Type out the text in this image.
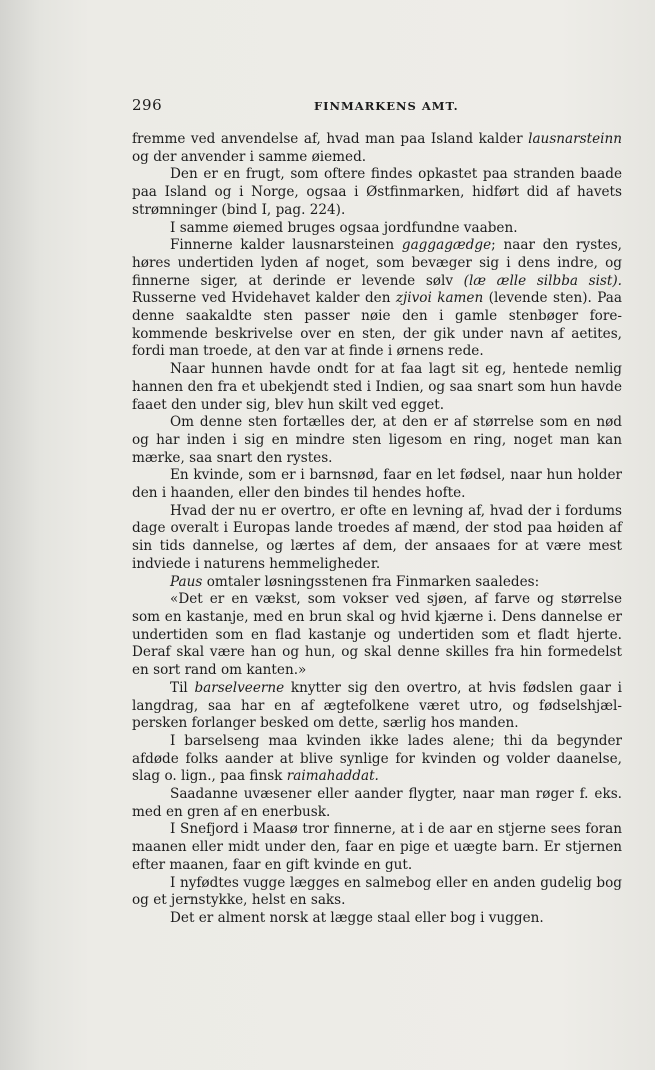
296	FINMARKENS AMT.

fremme ved anvendelse af, hvad man paa Island kalder lausnarsteinn og der anvender i samme øiemed.

Den er en frugt, som oftere findes opkastet paa stranden baade paa Island og i Norge, ogsaa i Østfinmarken, hidført did af havets strømninger (bind I, pag. 224).

I samme øiemed bruges ogsaa jordfundne vaaben.

Finnerne kalder lausnarsteinen gaggagædge; naar den rystes, høres undertiden lyden af noget, som bevæger sig i dens indre, og finnerne siger, at derinde er levende sølv (læ ælle silbba sist). Russerne ved Hvidehavet kalder den zjivoi kamen (levende sten). Paa denne saakaldte sten passer nøie den i gamle stenbøger forekommende beskrivelse over en sten, der gik under navn af aetites, fordi man troede, at den var at finde i ørnens rede.

Naar hunnen havde ondt for at faa lagt sit eg, hentede nemlig hannen den fra et ubekjendt sted i Indien, og saa snart som hun havde faaet den under sig, blev hun skilt ved egget.

Om denne sten fortælles der, at den er af størrelse som en nød og har inden i sig en mindre sten ligesom en ring, noget man kan mærke, saa snart den rystes.

En kvinde, som er i barnsnød, faar en let fødsel, naar hun holder den i haanden, eller den bindes til hendes hofte.

Hvad der nu er overtro, er ofte en levning af, hvad der i fordums dage overalt i Europas lande troedes af mænd, der stod paa høiden af sin tids dannelse, og lærtes af dem, der ansaaes for at være mest indviede i naturens hemmeligheder.

Paus omtaler løsningsstenen fra Finmarken saaledes:

«Det er en vækst, som vokser ved sjøen, af farve og størrelse som en kastanje, med en brun skal og hvid kjærne i. Dens dannelse er undertiden som en flad kastanje og undertiden som et fladt hjerte. Deraf skal være han og hun, og skal denne skilles fra hin formedelst en sort rand om kanten.»

Til barselveerne knytter sig den overtro, at hvis fødslen gaar i langdrag, saa har en af ægtefolkene været utro, og fødselshjælpersken forlanger besked om dette, særlig hos manden.

I barselseng maa kvinden ikke lades alene; thi da begynder afdøde folks aander at blive synlige for kvinden og volder daanelse, slag o. lign., paa finsk raimahaddat.

Saadanne uvæsener eller aander flygter, naar man røger f. eks. med en gren af en enerbusk.

I Snefjord i Maasø tror finnerne, at i de aar en stjerne sees foran maanen eller midt under den, faar en pige et uægte barn. Er stjernen efter maanen, faar en gift kvinde en gut.

I nyfødtes vugge lægges en salmebog eller en anden gudelig bog og et jernstykke, helst en saks.

Det er alment norsk at lægge staal eller bog i vuggen.
